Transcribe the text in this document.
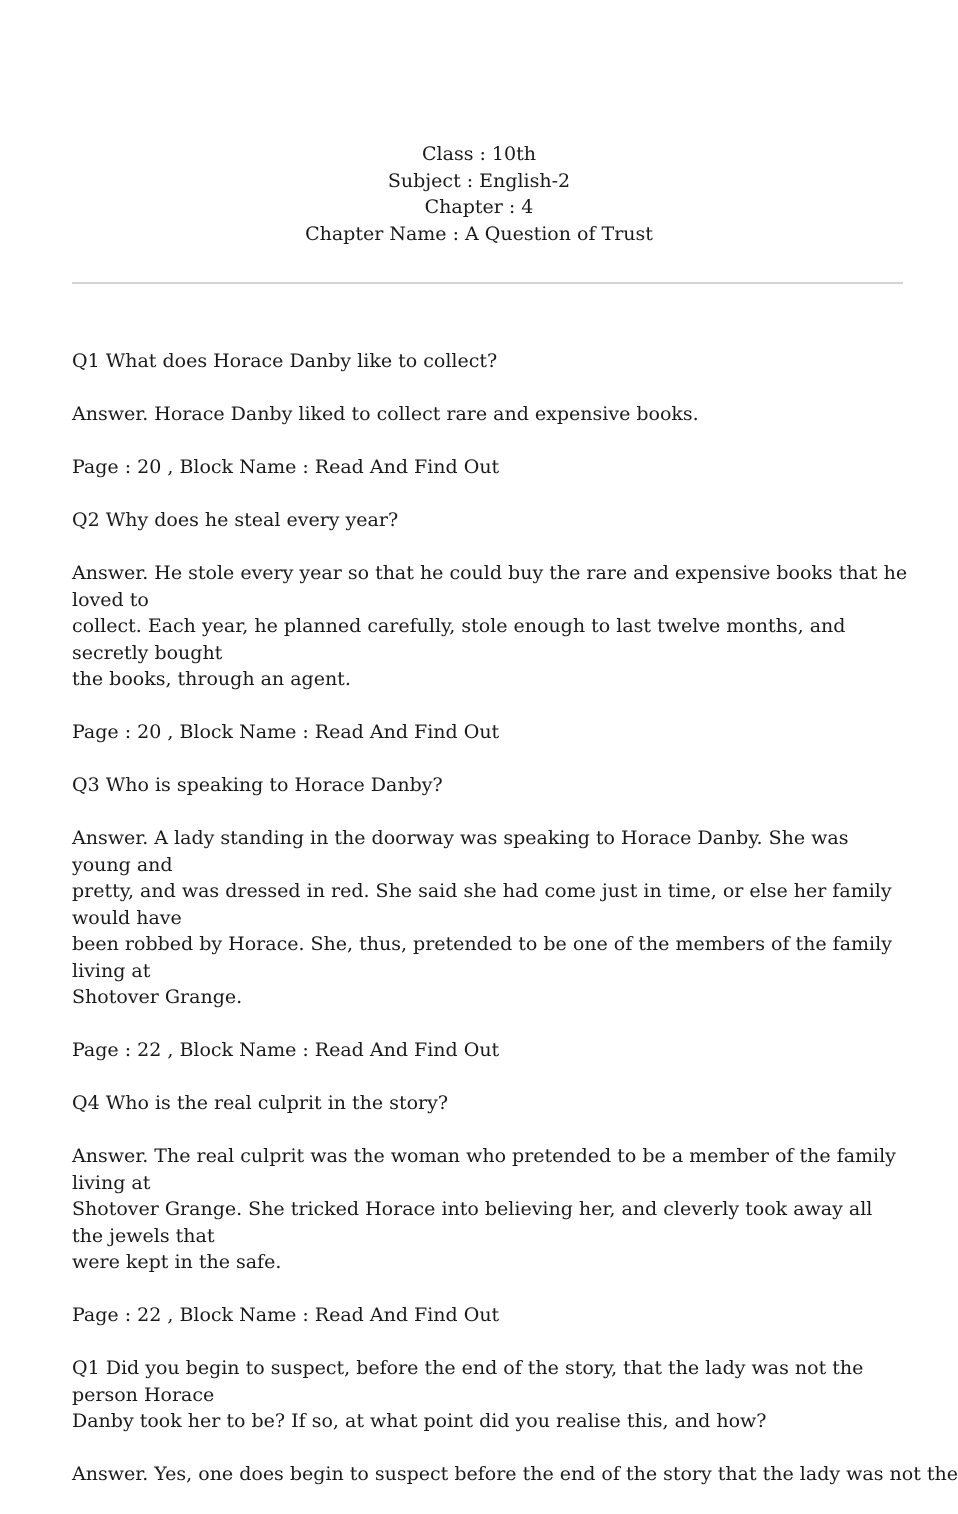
Class : 10th
Subject : English-2
Chapter : 4
Chapter Name : A Question of Trust

Q1 What does Horace Danby like to collect?

Answer. Horace Danby liked to collect rare and expensive books.

Page : 20 , Block Name : Read And Find Out

Q2 Why does he steal every year?

Answer. He stole every year so that he could buy the rare and expensive books that he loved to
collect. Each year, he planned carefully, stole enough to last twelve months, and secretly bought
the books, through an agent.

Page : 20 , Block Name : Read And Find Out

Q3 Who is speaking to Horace Danby?

Answer. A lady standing in the doorway was speaking to Horace Danby. She was young and
pretty, and was dressed in red. She said she had come just in time, or else her family would have
been robbed by Horace. She, thus, pretended to be one of the members of the family living at
Shotover Grange.

Page : 22 , Block Name : Read And Find Out

Q4 Who is the real culprit in the story?

Answer. The real culprit was the woman who pretended to be a member of the family living at
Shotover Grange. She tricked Horace into believing her, and cleverly took away all the jewels that
were kept in the safe.

Page : 22 , Block Name : Read And Find Out

Q1 Did you begin to suspect, before the end of the story, that the lady was not the person Horace
Danby took her to be? If so, at what point did you realise this, and how?

Answer. Yes, one does begin to suspect before the end of the story that the lady was not the
